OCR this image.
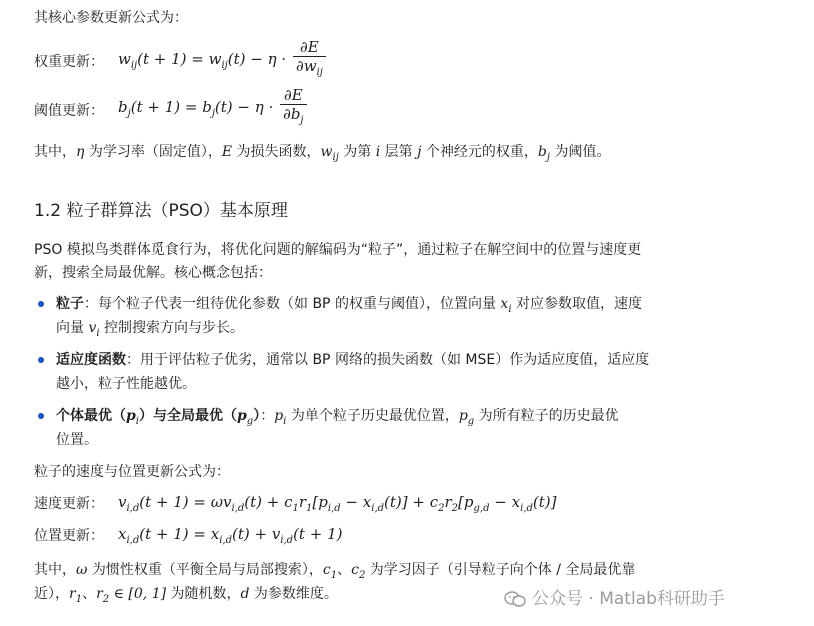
其核心参数更新公式为：
权重更新： $w_{ij}(t + 1) = w_{ij}(t) - \eta \cdot \frac{\partial E}{\partial w_{ij}}$
阈值更新： $b_j(t + 1) = b_j(t) - \eta \cdot \frac{\partial E}{\partial b_j}$
其中，η 为学习率（固定值），E 为损失函数，$w_{ij}$ 为第 i 层第 j 个神经元的权重，$b_j$ 为阈值。
1.2 粒子群算法（PSO）基本原理
PSO 模拟鸟类群体觅食行为，将优化问题的解编码为“粒子”，通过粒子在解空间中的位置与速度更
新，搜索全局最优解。核心概念包括：
粒子：每个粒子代表一组待优化参数（如 BP 的权重与阈值），位置向量 $x_i$ 对应参数取值，速度
向量 $v_i$ 控制搜索方向与步长。
适应度函数：用于评估粒子优劣，通常以 BP 网络的损失函数（如 MSE）作为适应度值，适应度
越小，粒子性能越优。
个体最优$(p_i)$与全局最优$(p_g)$：$p_i$ 为单个粒子历史最优位置，$p_g$ 为所有粒子的历史最优
位置。
粒子的速度与位置更新公式为：
速度更新： $v_{i,d}(t + 1) = \omega v_{i,d}(t) + c_1r_1[p_{i,d} - x_{i,d}(t)] + c_2r_2[p_{g,d} - x_{i,d}(t)]$
位置更新： $x_{i,d}(t + 1) = x_{i,d}(t) + v_{i,d}(t + 1)$
其中，ω 为惯性权重（平衡全局与局部搜索），$c_1$、$c_2$ 为学习因子（引导粒子向个体 / 全局最优靠
近），$r_1$、$r_2$ ∈ [0, 1] 为随机数，d 为参数维度。	公众号 · Matlab科研助手
